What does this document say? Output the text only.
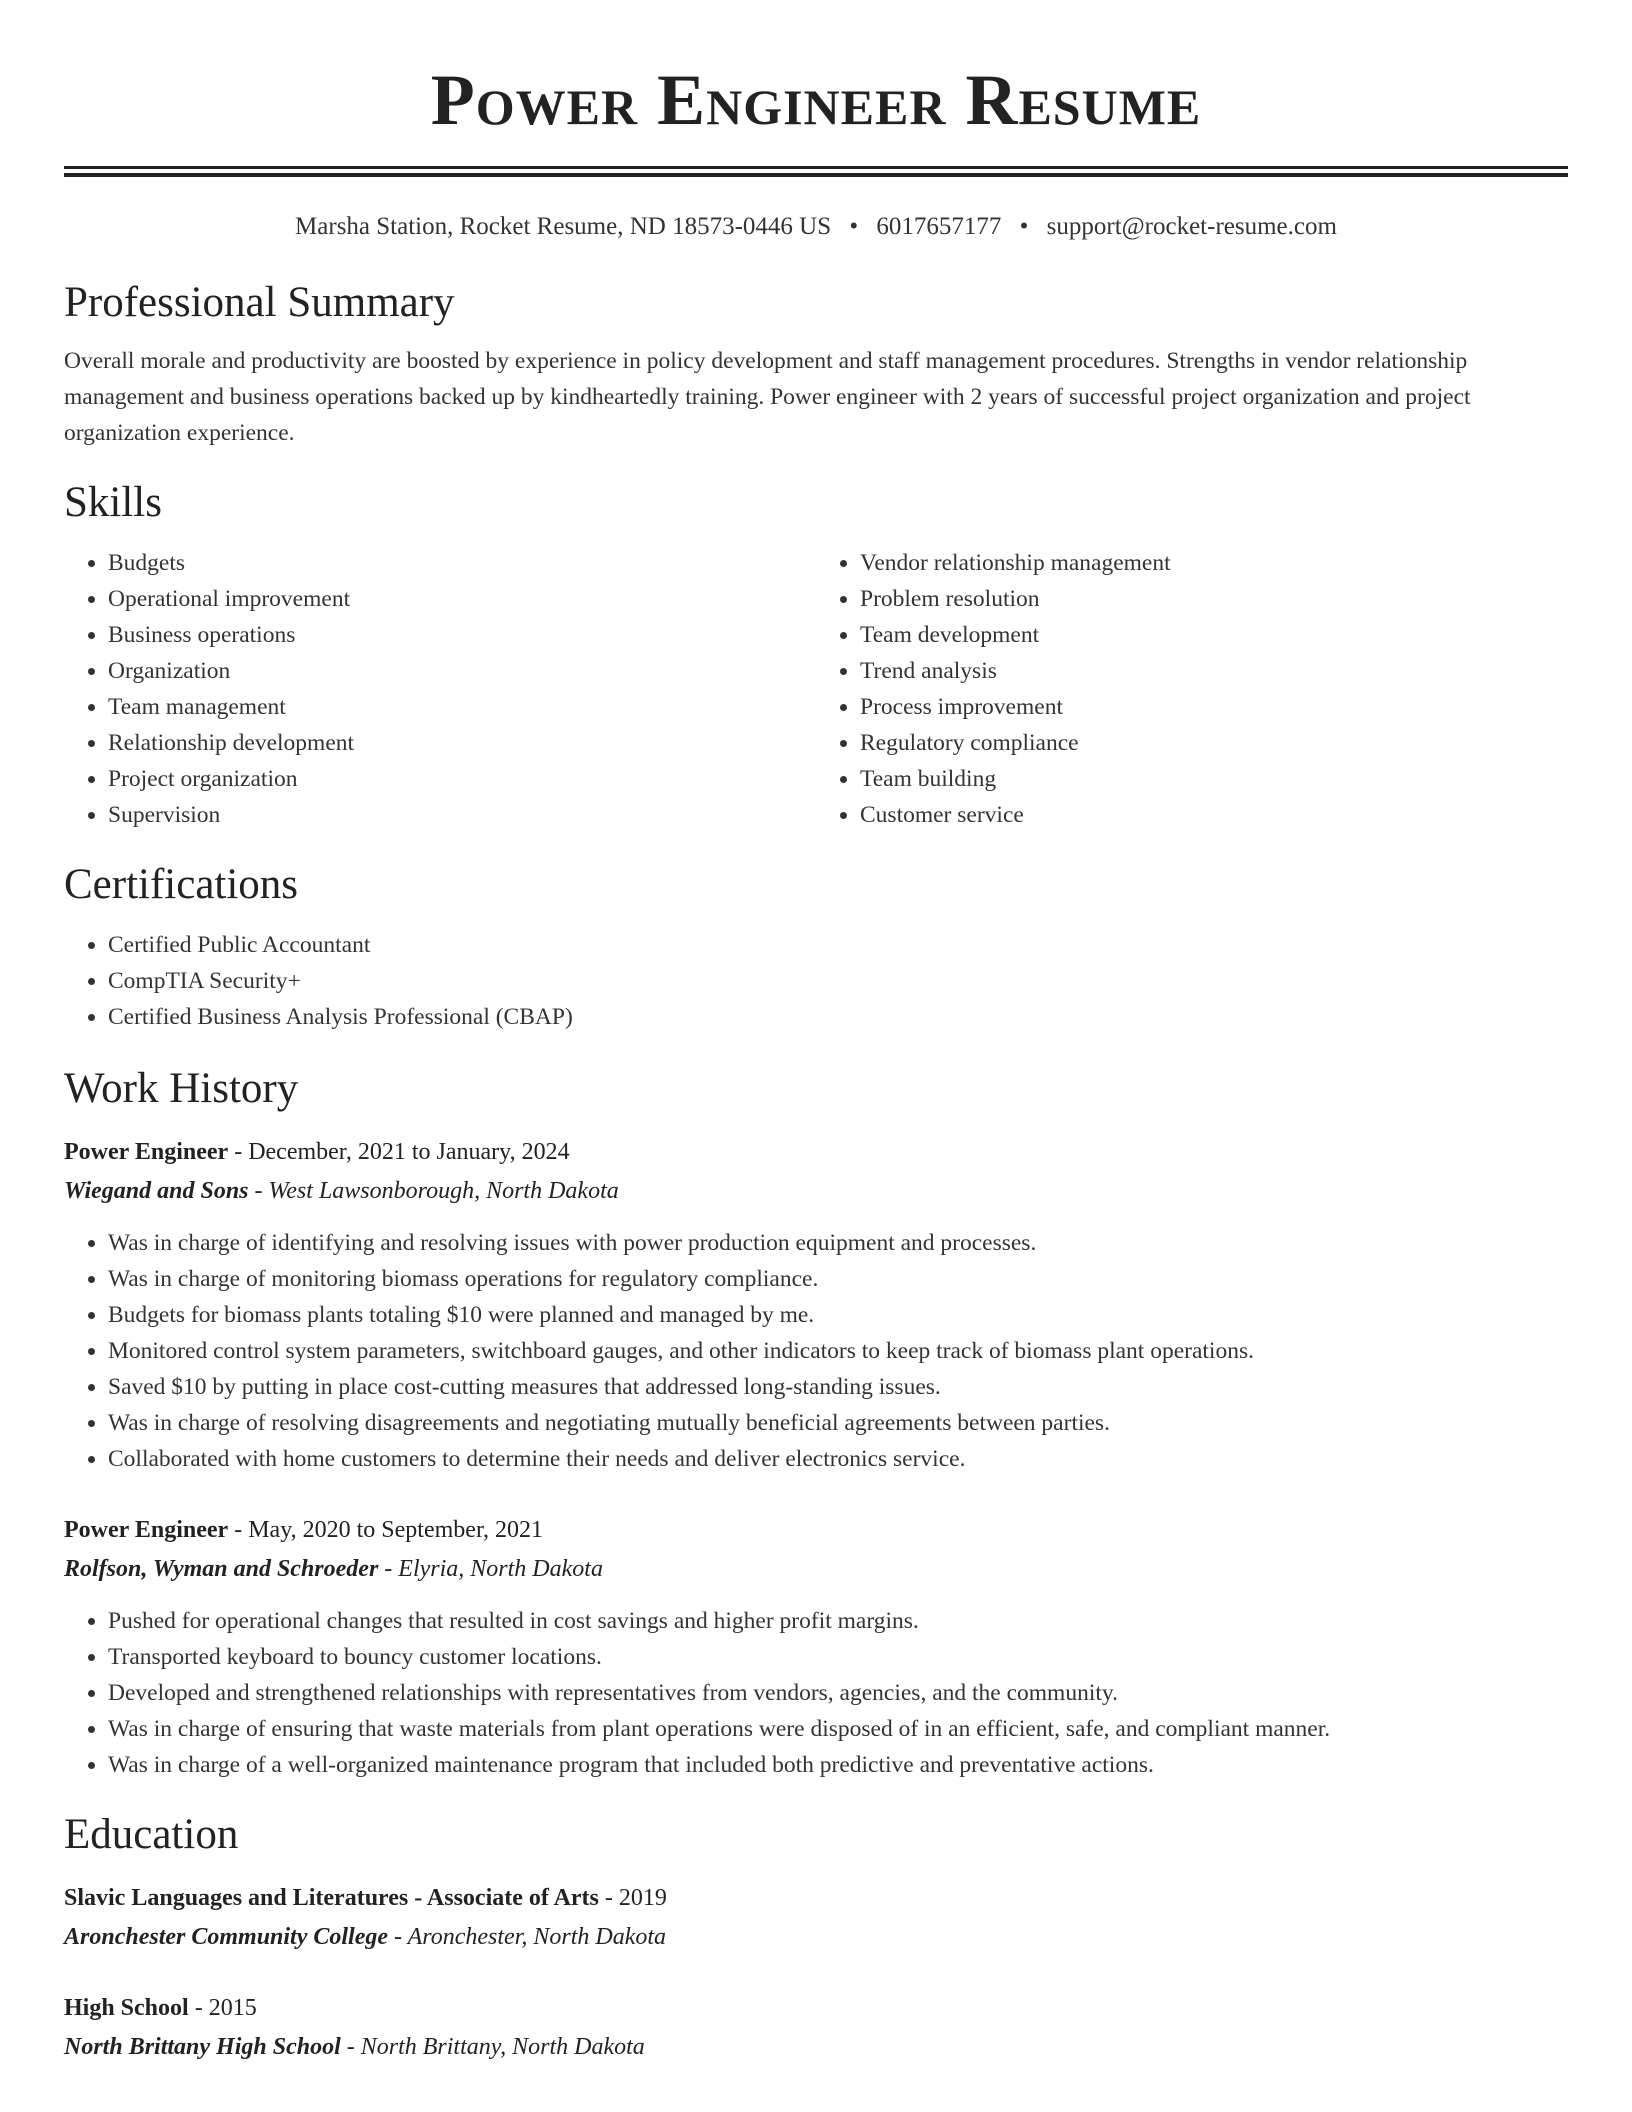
Power Engineer Resume
Marsha Station, Rocket Resume, ND 18573-0446 US • 6017657177 • support@rocket-resume.com
Professional Summary
Overall morale and productivity are boosted by experience in policy development and staff management procedures. Strengths in vendor relationship management and business operations backed up by kindheartedly training. Power engineer with 2 years of successful project organization and project organization experience.
Skills
• Budgets
• Operational improvement
• Business operations
• Organization
• Team management
• Relationship development
• Project organization
• Supervision
• Vendor relationship management
• Problem resolution
• Team development
• Trend analysis
• Process improvement
• Regulatory compliance
• Team building
• Customer service
Certifications
• Certified Public Accountant
• CompTIA Security+
• Certified Business Analysis Professional (CBAP)
Work History
Power Engineer - December, 2021 to January, 2024
Wiegand and Sons - West Lawsonborough, North Dakota
• Was in charge of identifying and resolving issues with power production equipment and processes.
• Was in charge of monitoring biomass operations for regulatory compliance.
• Budgets for biomass plants totaling $10 were planned and managed by me.
• Monitored control system parameters, switchboard gauges, and other indicators to keep track of biomass plant operations.
• Saved $10 by putting in place cost-cutting measures that addressed long-standing issues.
• Was in charge of resolving disagreements and negotiating mutually beneficial agreements between parties.
• Collaborated with home customers to determine their needs and deliver electronics service.
Power Engineer - May, 2020 to September, 2021
Rolfson, Wyman and Schroeder - Elyria, North Dakota
• Pushed for operational changes that resulted in cost savings and higher profit margins.
• Transported keyboard to bouncy customer locations.
• Developed and strengthened relationships with representatives from vendors, agencies, and the community.
• Was in charge of ensuring that waste materials from plant operations were disposed of in an efficient, safe, and compliant manner.
• Was in charge of a well-organized maintenance program that included both predictive and preventative actions.
Education
Slavic Languages and Literatures - Associate of Arts - 2019
Aronchester Community College - Aronchester, North Dakota
High School - 2015
North Brittany High School - North Brittany, North Dakota
